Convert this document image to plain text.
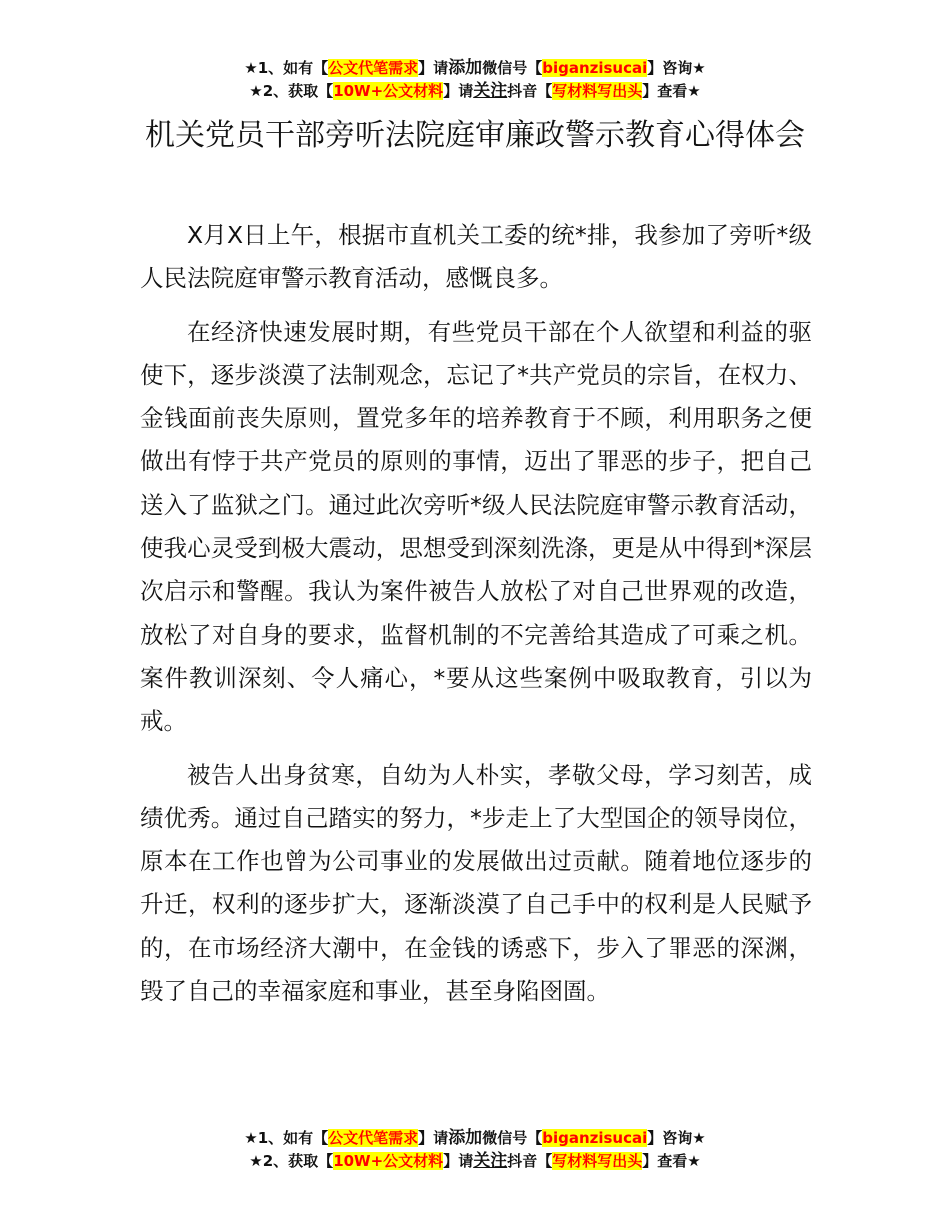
★1、如有【公文代笔需求】请添加微信号【biganzisucai】咨询★
★2、获取【10W+公文材料】请关注抖音【写材料写出头】查看★
机关党员干部旁听法院庭审廉政警示教育心得体会

X月X日上午，根据市直机关工委的统*排，我参加了旁听*级人民法院庭审警示教育活动，感慨良多。

在经济快速发展时期，有些党员干部在个人欲望和利益的驱使下，逐步淡漠了法制观念，忘记了*共产党员的宗旨，在权力、金钱面前丧失原则，置党多年的培养教育于不顾，利用职务之便做出有悖于共产党员的原则的事情，迈出了罪恶的步子，把自己送入了监狱之门。通过此次旁听*级人民法院庭审警示教育活动，使我心灵受到极大震动，思想受到深刻洗涤，更是从中得到*深层次启示和警醒。我认为案件被告人放松了对自己世界观的改造，放松了对自身的要求，监督机制的不完善给其造成了可乘之机。案件教训深刻、令人痛心，*要从这些案例中吸取教育，引以为戒。

被告人出身贫寒，自幼为人朴实，孝敬父母，学习刻苦，成绩优秀。通过自己踏实的努力，*步走上了大型国企的领导岗位，原本在工作也曾为公司事业的发展做出过贡献。随着地位逐步的升迁，权利的逐步扩大，逐渐淡漠了自己手中的权利是人民赋予的，在市场经济大潮中，在金钱的诱惑下，步入了罪恶的深渊，毁了自己的幸福家庭和事业，甚至身陷囹圄。

★1、如有【公文代笔需求】请添加微信号【biganzisucai】咨询★
★2、获取【10W+公文材料】请关注抖音【写材料写出头】查看★
